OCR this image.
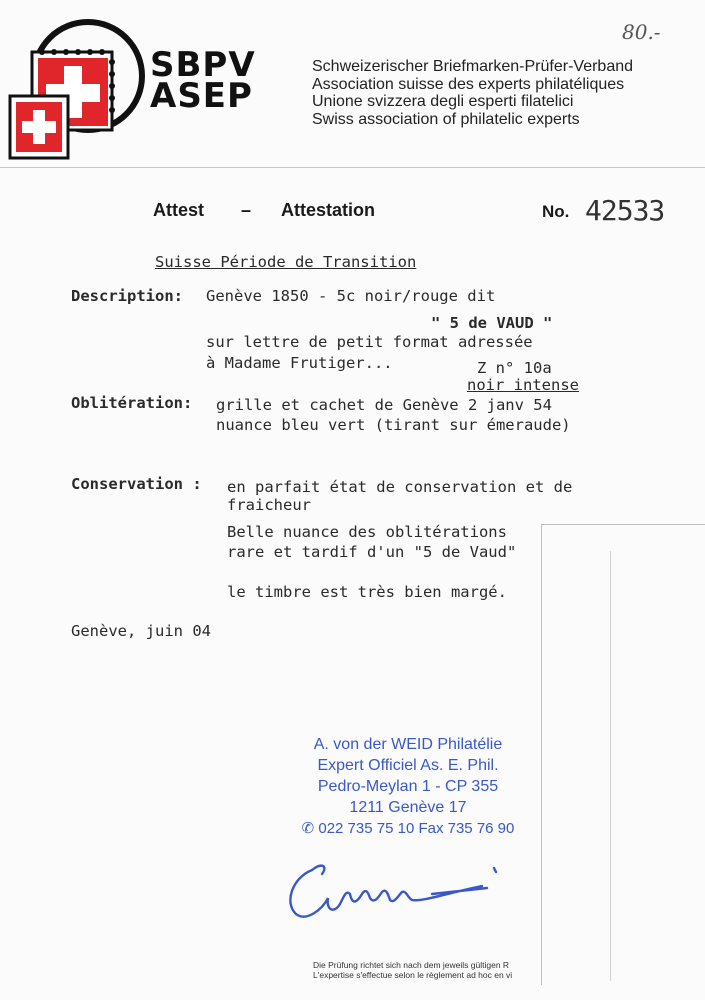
80.-
SBPV
ASEP
Schweizerischer Briefmarken-Prüfer-Verband
Association suisse des experts philatéliques
Unione svizzera degli esperti filatelici
Swiss association of philatelic experts
Attest – Attestation	No. 42533
Suisse Période de Transition
Description: Genève 1850 - 5c noir/rouge dit
" 5 de VAUD "
sur lettre de petit format adressée
à Madame Frutiger...	Z n° 10a
noir intense
Oblitération: grille et cachet de Genève 2 janv 54
nuance bleu vert (tirant sur émeraude)
Conservation : en parfait état de conservation et de
fraicheur
Belle nuance des oblitérations
rare et tardif d'un "5 de Vaud"
le timbre est très bien margé.
Genève, juin 04
A. von der WEID Philatélie
Expert Officiel As. E. Phil.
Pedro-Meylan 1 - CP 355
1211 Genève 17
✆ 022 735 75 10 Fax 735 76 90
Die Prüfung richtet sich nach dem jeweils gültigen R
L'expertise s'effectue selon le règlement ad hoc en vi
